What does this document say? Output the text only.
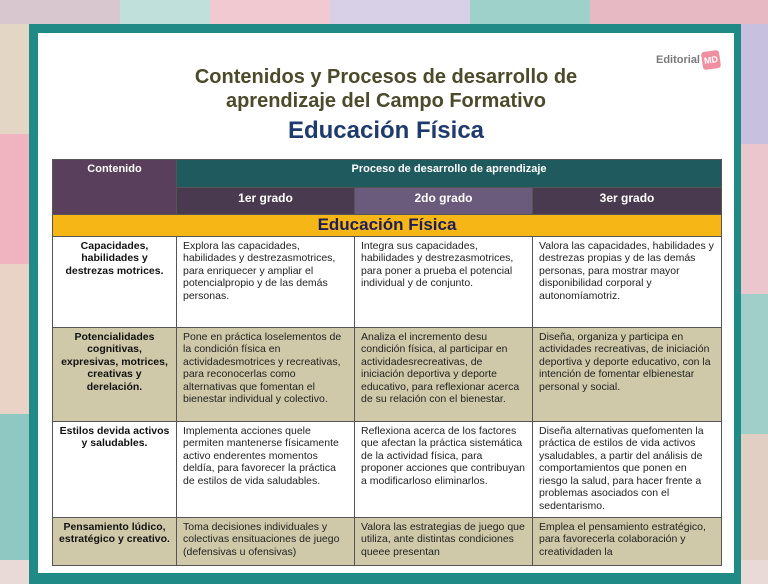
Editorial MD
Contenidos y Procesos de desarrollo de
aprendizaje del Campo Formativo
Educación Física
Contenido	Proceso de desarrollo de aprendizaje		
	1er grado	2do grado	3er grado
Educación Física			
Capacidades, habilidades y destrezas motrices.	Explora las capacidades, habilidades y destrezasmotrices, para enriquecer y ampliar el potencialpropio y de las demás personas.	Integra sus capacidades, habilidades y destrezasmotrices, para poner a prueba el potencial individual y de conjunto.	Valora las capacidades, habilidades y destrezas propias y de las demás personas, para mostrar mayor disponibilidad corporal y autonomíamotriz.
Potencialidades cognitivas, expresivas, motrices, creativas y derelación.	Pone en práctica loselementos de la condición física en actividadesmotrices y recreativas, para reconocerlas como alternativas que fomentan el bienestar individual y colectivo.	Analiza el incremento desu condición física, al participar en actividadesrecreativas, de iniciación deportiva y deporte educativo, para reflexionar acerca de su relación con el bienestar.	Diseña, organiza y participa en actividades recreativas, de iniciación deportiva y deporte educativo, con la intención de fomentar elbienestar personal y social.
Estilos devida activos y saludables.	Implementa acciones quele permiten mantenerse físicamente activo enderentes momentos deldía, para favorecer la práctica de estilos de vida saludables.	Reflexiona acerca de los factores que afectan la práctica sistemática de la actividad física, para proponer acciones que contribuyan a modificarloso eliminarlos.	Diseña alternativas quefomenten la práctica de estilos de vida activos ysaludables, a partir del análisis de comportamientos que ponen en riesgo la salud, para hacer frente a problemas asociados con el sedentarismo.
Pensamiento lúdico, estratégico y creativo.	Toma decisiones individuales y colectivas ensituaciones de juego (defensivas u ofensivas)	Valora las estrategias de juego que utiliza, ante distintas condiciones queee presentan	Emplea el pensamiento estratégico, para favorecerla colaboración y creatividaden la
